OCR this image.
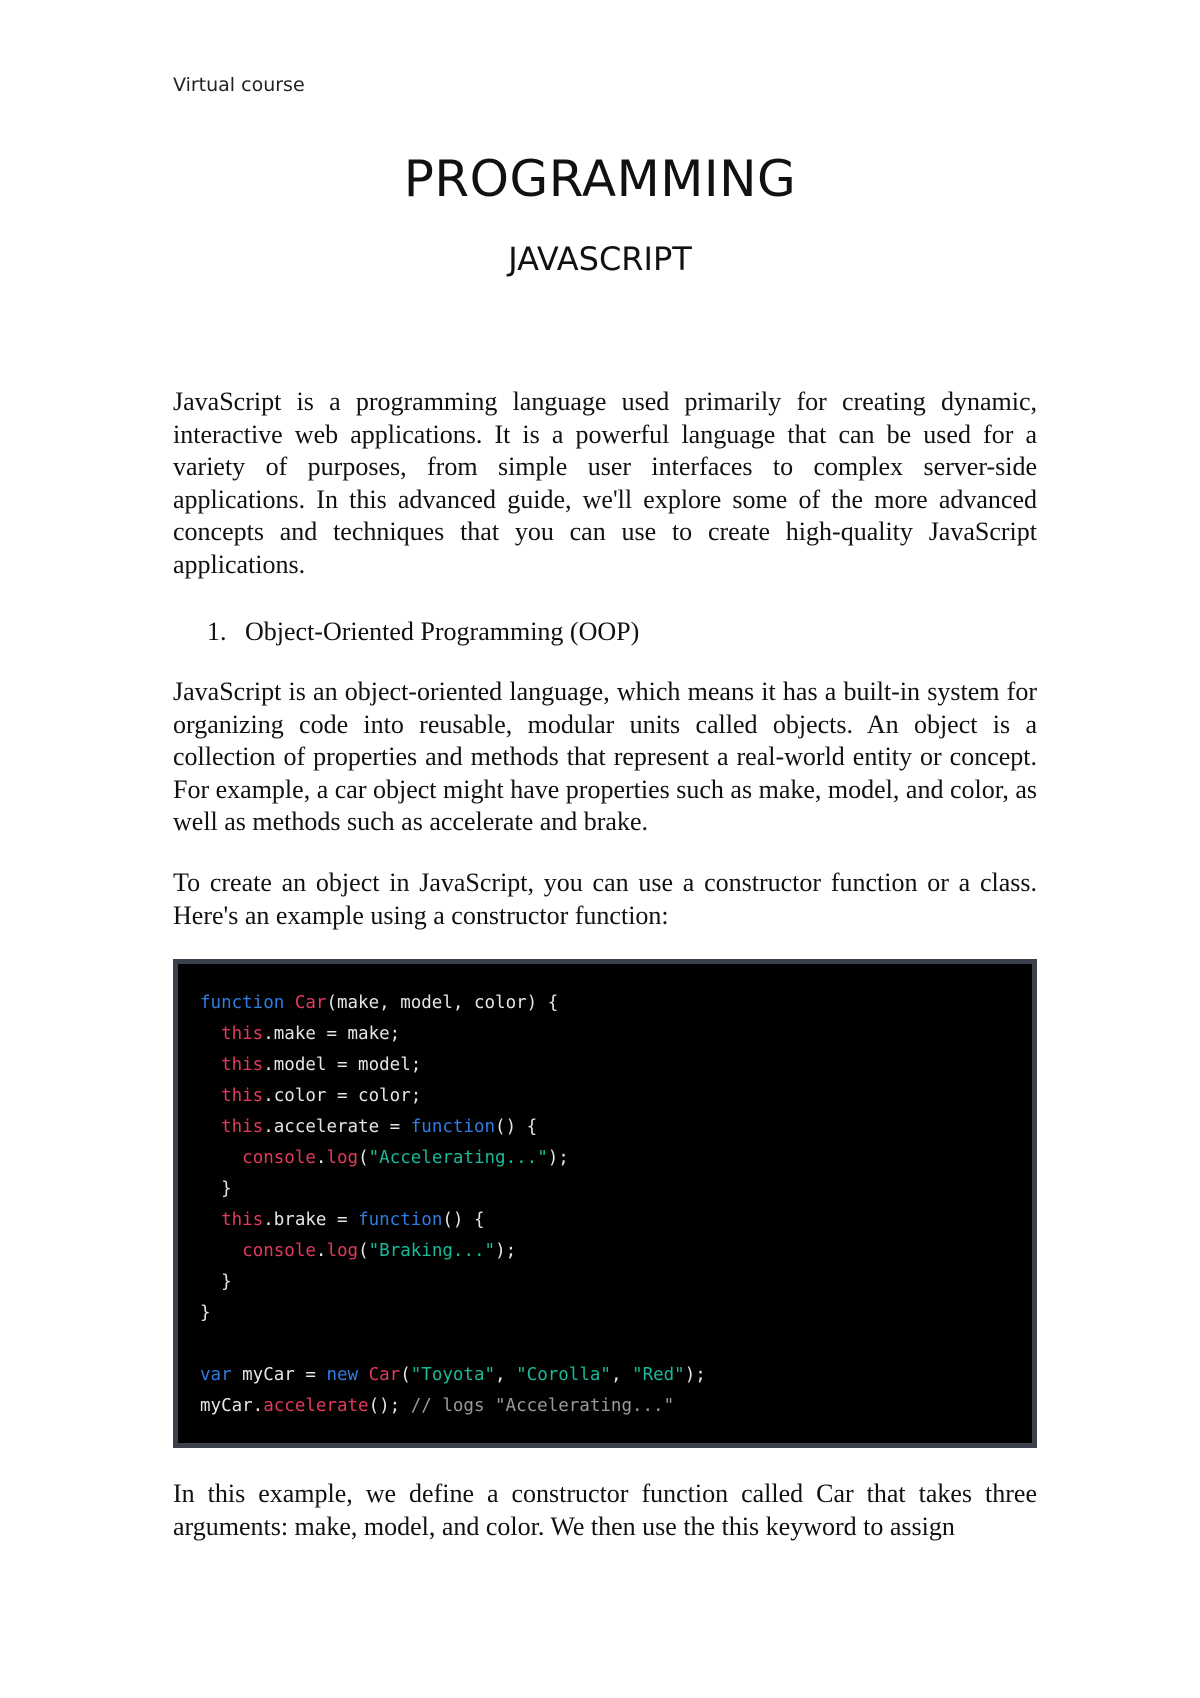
Virtual course
PROGRAMMING
JAVASCRIPT

JavaScript is a programming language used primarily for creating dynamic, interactive web applications. It is a powerful language that can be used for a variety of purposes, from simple user interfaces to complex server-side applications. In this advanced guide, we'll explore some of the more advanced concepts and techniques that you can use to create high-quality JavaScript applications.

1. Object-Oriented Programming (OOP)

JavaScript is an object-oriented language, which means it has a built-in system for organizing code into reusable, modular units called objects. An object is a collection of properties and methods that represent a real-world entity or concept. For example, a car object might have properties such as make, model, and color, as well as methods such as accelerate and brake.

To create an object in JavaScript, you can use a constructor function or a class. Here's an example using a constructor function:

function Car(make, model, color) {
this.make = make;
this.model = model;
this.color = color;
this.accelerate = function() {
console.log("Accelerating...");
}
this.brake = function() {
console.log("Braking...");
}
}
var myCar = new Car("Toyota", "Corolla", "Red");
myCar.accelerate(); // logs "Accelerating..."

In this example, we define a constructor function called Car that takes three arguments: make, model, and color. We then use the this keyword to assign
